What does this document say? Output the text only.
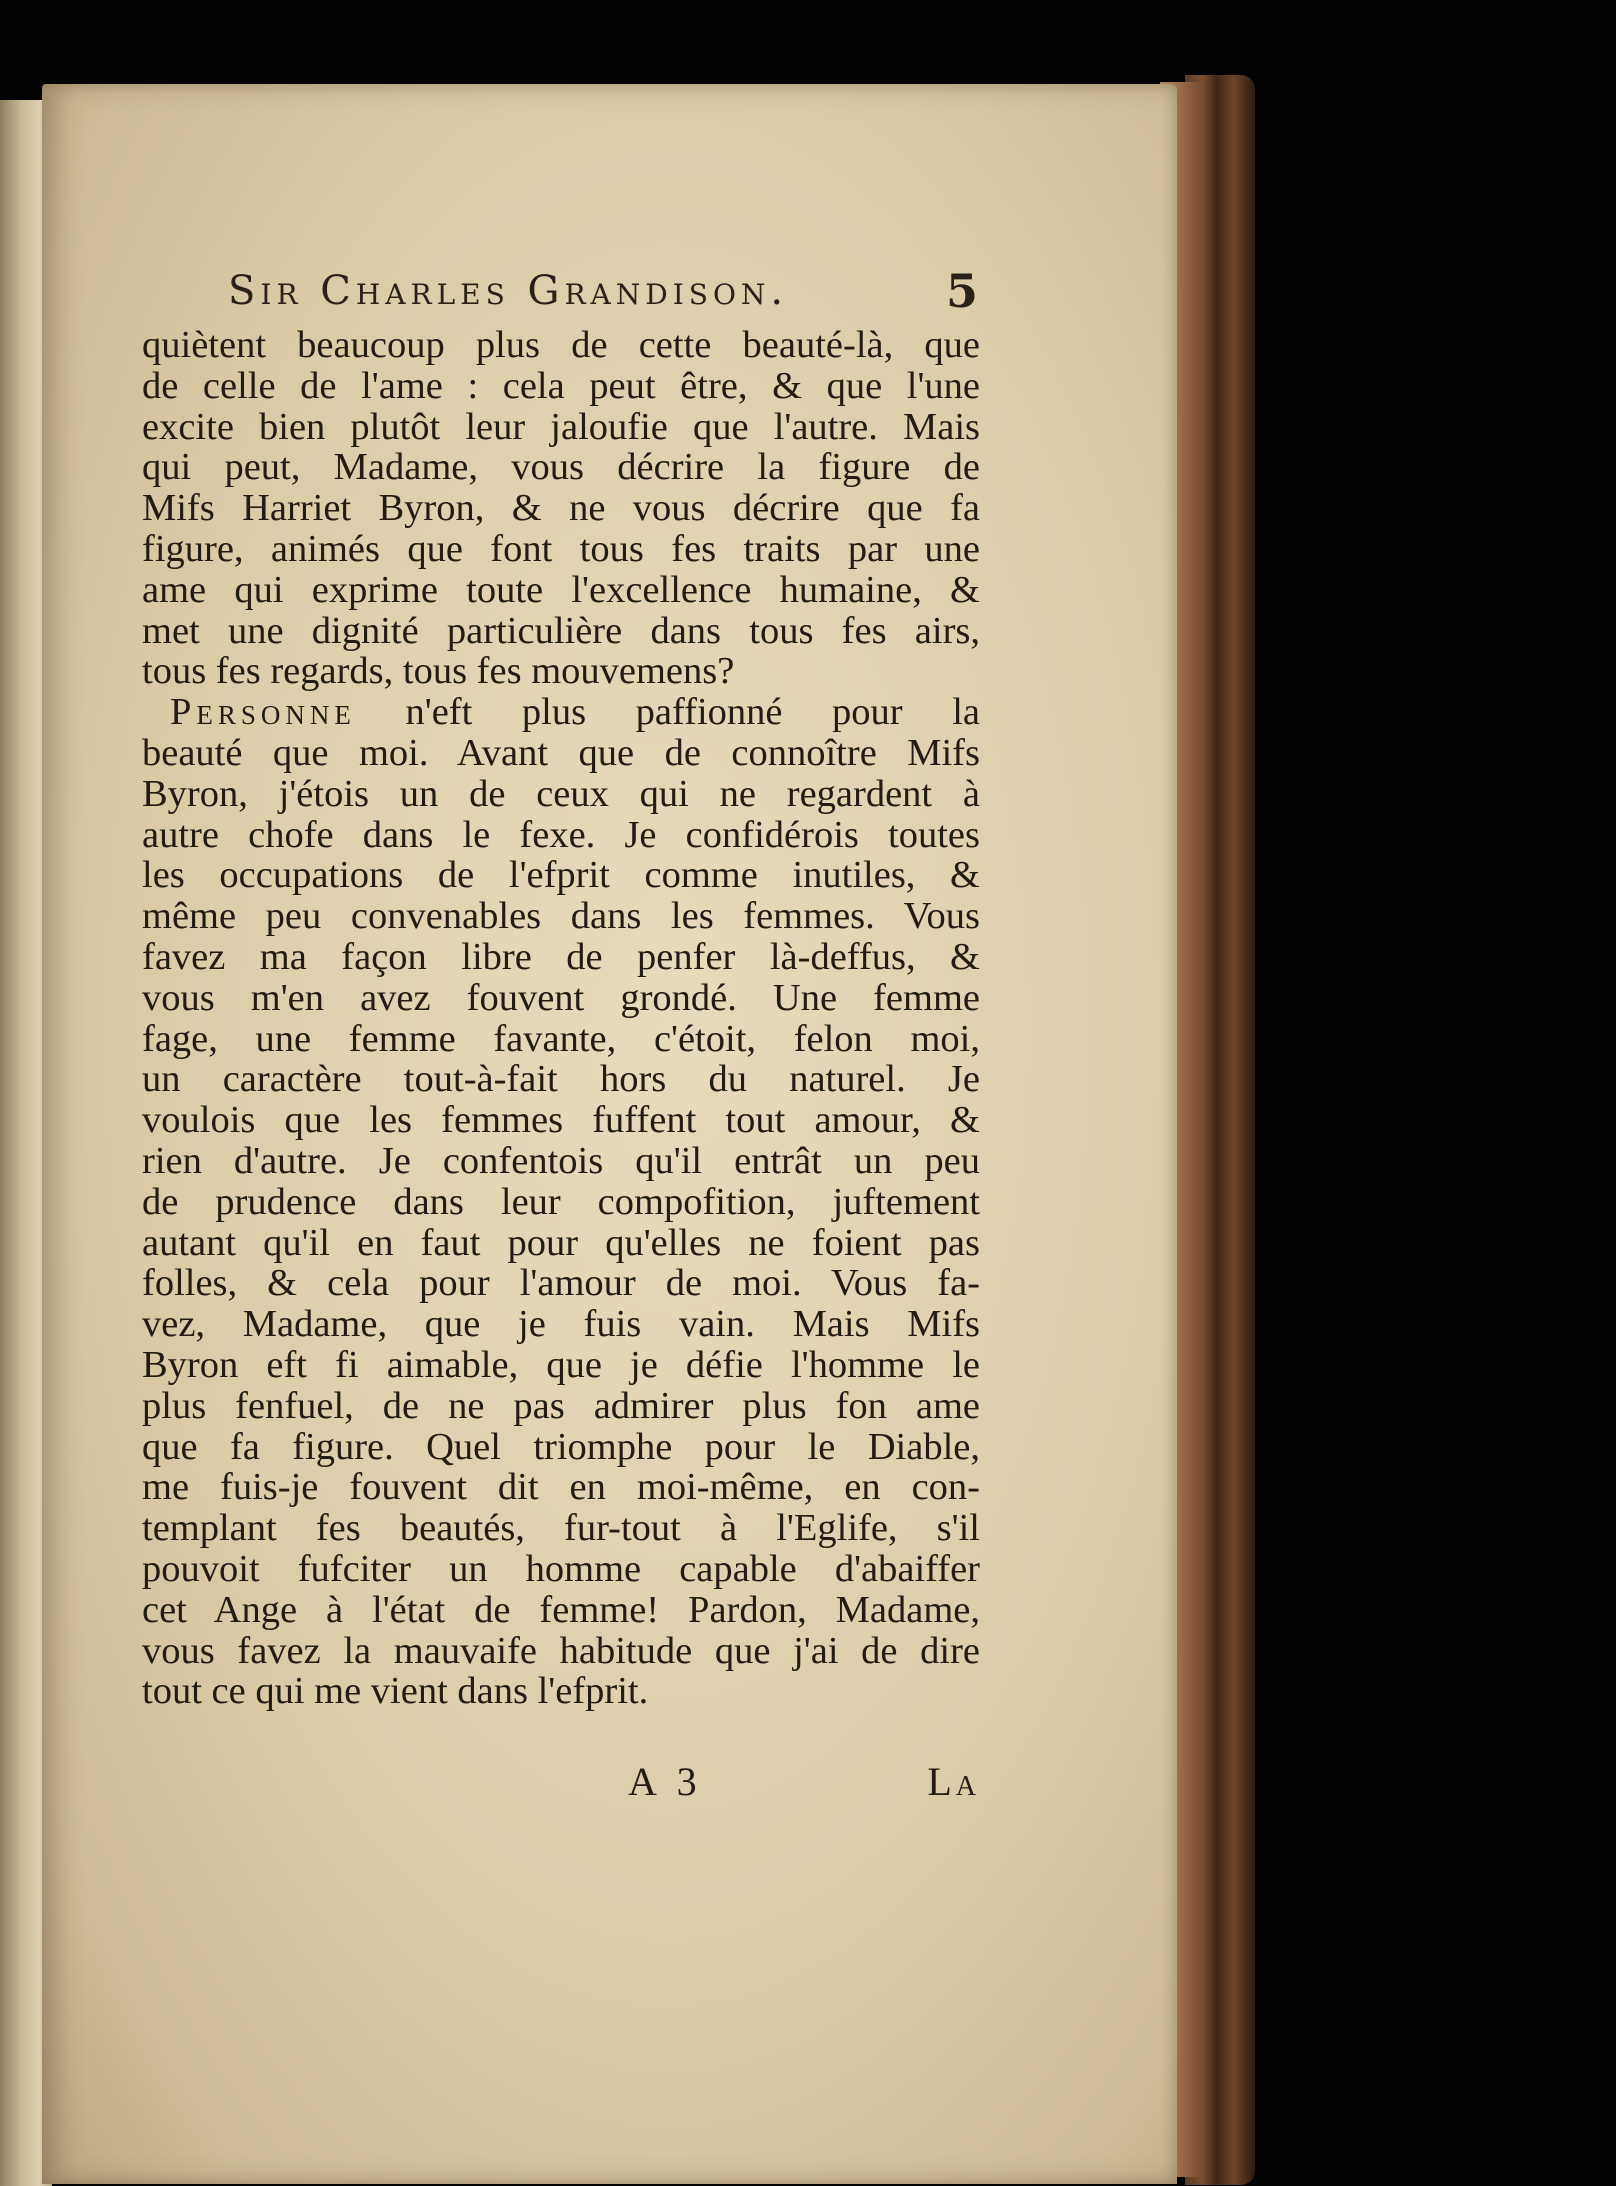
Sir Charles Grandison.	5
quiètent beaucoup plus de cette beauté-là, que
de celle de l'ame : cela peut être, & que l'une
excite bien plutôt leur jaloufie que l'autre. Mais
qui peut, Madame, vous décrire la figure de
Mifs Harriet Byron, & ne vous décrire que fa
figure, animés que font tous fes traits par une
ame qui exprime toute l'excellence humaine, &
met une dignité particulière dans tous fes airs,
tous fes regards, tous fes mouvemens?
Personne n'eft plus paffionné pour la
beauté que moi. Avant que de connoître Mifs
Byron, j'étois un de ceux qui ne regardent à
autre chofe dans le fexe. Je confidérois toutes
les occupations de l'efprit comme inutiles, &
même peu convenables dans les femmes. Vous
favez ma façon libre de penfer là-deffus, &
vous m'en avez fouvent grondé. Une femme
fage, une femme favante, c'étoit, felon moi,
un caractère tout-à-fait hors du naturel. Je
voulois que les femmes fuffent tout amour, &
rien d'autre. Je confentois qu'il entrât un peu
de prudence dans leur compofition, juftement
autant qu'il en faut pour qu'elles ne foient pas
folles, & cela pour l'amour de moi. Vous fa-
vez, Madame, que je fuis vain. Mais Mifs
Byron eft fi aimable, que je défie l'homme le
plus fenfuel, de ne pas admirer plus fon ame
que fa figure. Quel triomphe pour le Diable,
me fuis-je fouvent dit en moi-même, en con-
templant fes beautés, fur-tout à l'Eglife, s'il
pouvoit fufciter un homme capable d'abaiffer
cet Ange à l'état de femme! Pardon, Madame,
vous favez la mauvaife habitude que j'ai de dire
tout ce qui me vient dans l'efprit.
A 3	La
